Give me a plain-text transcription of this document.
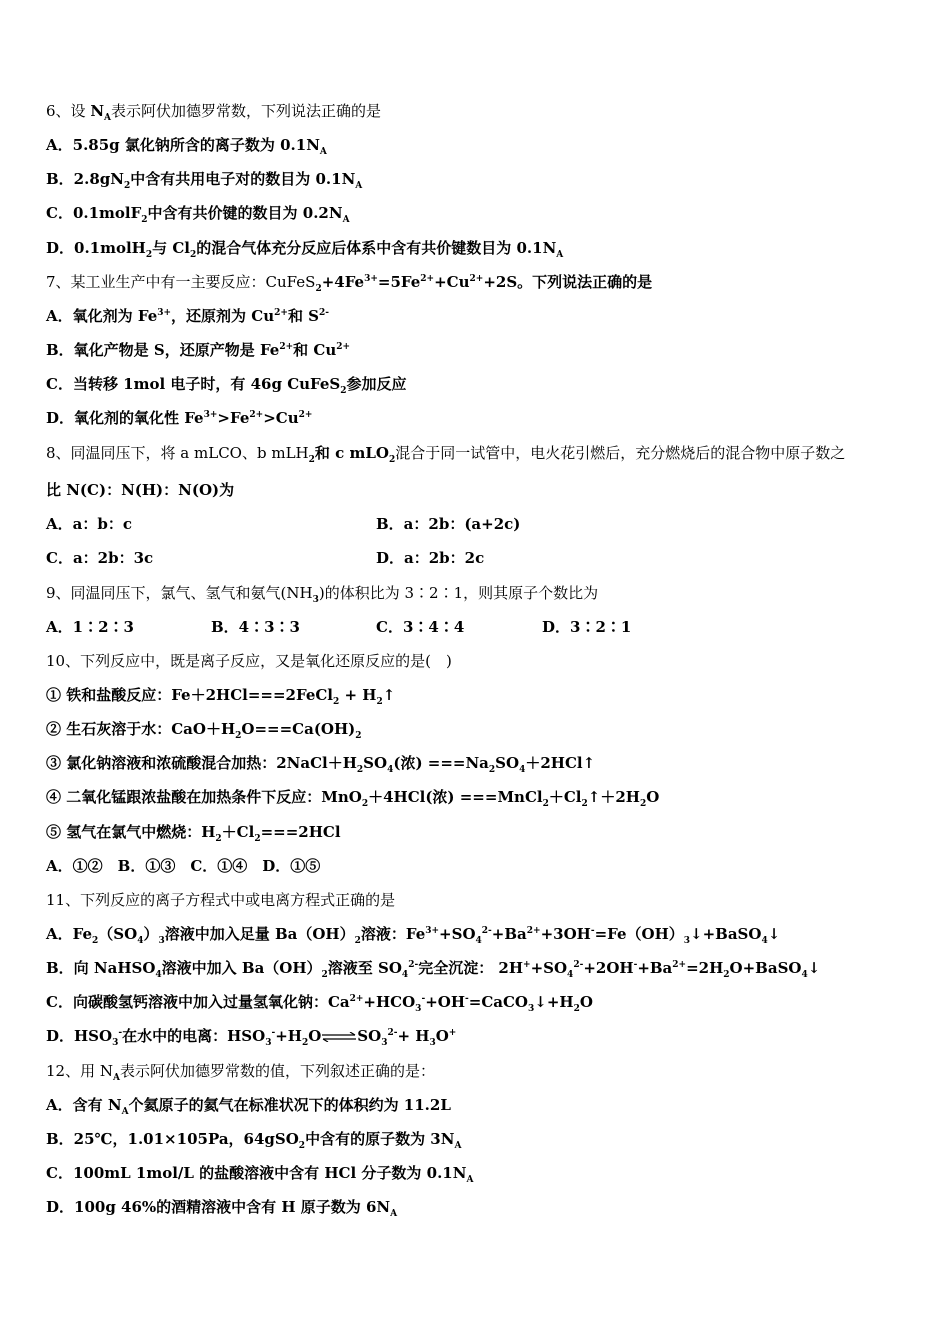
6、设 $N_A$表示阿伏加德罗常数，下列说法正确的是
A．5.85g 氯化钠所含的离子数为 $0.1N_A$
B．$2.8gN_2$中含有共用电子对的数目为 $0.1N_A$
C．0.1molF$_2$中含有共价键的数目为 $0.2N_A$
D．0.1molH$_2$与 $Cl_2$的混合气体充分反应后体系中含有共价键数目为 $0.1N_A$
7、某工业生产中有一主要反应：$CuFeS_2+4Fe^{3+}=5Fe^{2+}+Cu^{2+}+2S$。下列说法正确的是
A．氧化剂为 $Fe^{3+}$，还原剂为 $Cu^{2+}$和 $S^{2-}$
B．氧化产物是 S，还原产物是 $Fe^{2+}$和 $Cu^{2+}$
C．当转移 1mol 电子时，有 46g CuFeS$_2$参加反应
D．氧化剂的氧化性 $Fe^{3+}>Fe^{2+}>Cu^{2+}$
8、同温同压下，将 a mLCO、b mLH$_2$和 c mLO$_2$混合于同一试管中，电火花引燃后，充分燃烧后的混合物中原子数之
比 N(C)：N(H)：N(O)为
A．a：b：c	B．a：2b：(a+2c)
C．a：2b：3c	D．a：2b：2c
9、同温同压下，氯气、氢气和氨气$(NH_3)$的体积比为 3∶2∶1，则其原子个数比为
A．1∶2∶3	B．4∶3∶3	C．3∶4∶4	D．3∶2∶1
10、下列反应中，既是离子反应，又是氧化还原反应的是(　)
① 铁和盐酸反应：Fe＋2HCl===2FeCl$_2$ + $H_2↑$
② 生石灰溶于水：$CaO+H_2O===Ca(OH)_2$
③ 氯化钠溶液和浓硫酸混合加热：$2NaCl+H_2SO_4$(浓) $===Na_2SO_4+2HCl↑$
④ 二氧化锰跟浓盐酸在加热条件下反应：MnO$_2$＋4HCl(浓) $===MnCl_2+Cl_2↑+2H_2O$
⑤ 氢气在氯气中燃烧：$H_2+Cl_2===2HCl$
A．①②　B．①③　C．①④　D．①⑤
11、下列反应的离子方程式中或电离方程式正确的是
A．$Fe_2(SO_4)_3$溶液中加入足量 $Ba(OH)_2$溶液：$Fe^{3+}+SO_4^{2-}+Ba^{2+}+3OH^-=Fe(OH)_3↓+BaSO_4↓$
B．向 NaHSO$_4$溶液中加入 $Ba(OH)_2$溶液至 $SO_4^{2-}$完全沉淀： $2H^++SO_4^{2-}+2OH^-+Ba^{2+}=2H_2O+BaSO_4↓$
C．向碳酸氢钙溶液中加入过量氢氧化钠：$Ca^{2+}+HCO_3^-+OH^-=CaCO_3↓+H_2O$
D．$HSO_3^-$在水中的电离：$HSO_3^-+H_2O\rightleftharpoons SO_3^{2-}+ H_3O^+$
12、用 $N_A$表示阿伏加德罗常数的值，下列叙述正确的是：
A．含有 $N_A$个氦原子的氦气在标准状况下的体积约为 11.2L
B．25℃，1.01×105Pa，64gSO$_2$中含有的原子数为 $3N_A$
C．100mL 1mol/L 的盐酸溶液中含有 HCl 分子数为 $0.1N_A$
D．100g 46%的酒精溶液中含有 H 原子数为 $6N_A$
